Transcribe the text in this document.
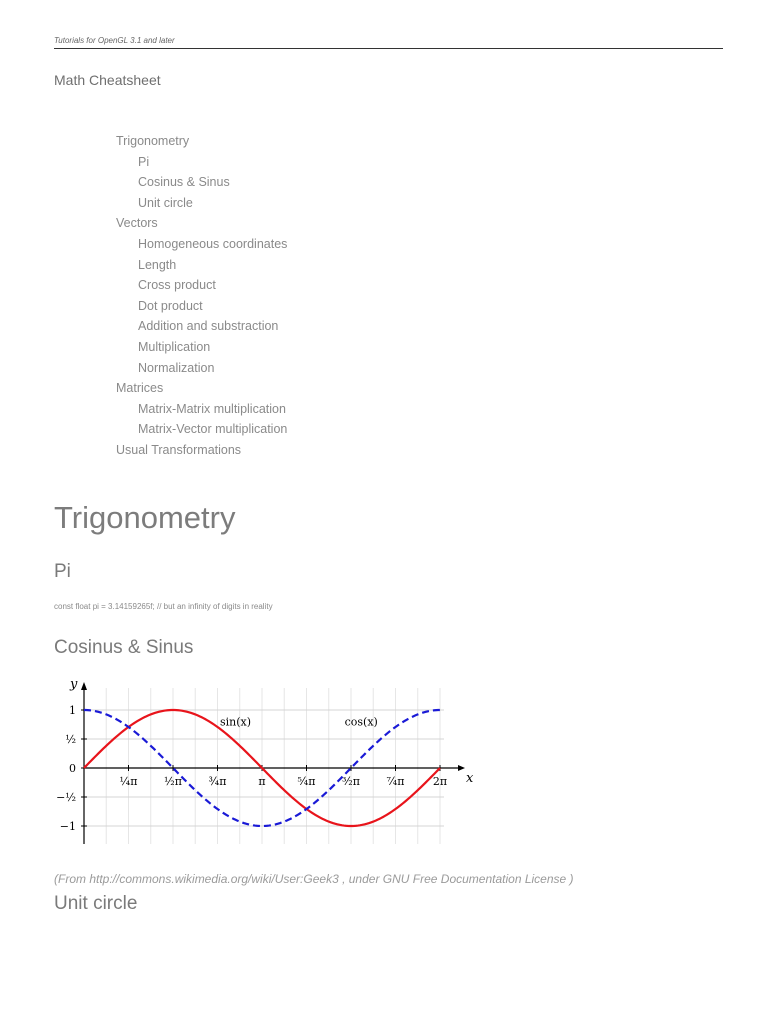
Tutorials for OpenGL 3.1 and later
Math Cheatsheet
Trigonometry
Pi
Cosinus & Sinus
Unit circle
Vectors
Homogeneous coordinates
Length
Cross product
Dot product
Addition and substraction
Multiplication
Normalization
Matrices
Matrix-Matrix multiplication
Matrix-Vector multiplication
Usual Transformations
Trigonometry
Pi
const float pi = 3.14159265f; // but an infinity of digits in reality
Cosinus & Sinus
x
y
1
½
0
−½
−1
¼π ½π ¾π	π	⁵⁄₄π ³⁄₂π ⁷⁄₄π	2π
sin(x)	cos(x)
(From http://commons.wikimedia.org/wiki/User:Geek3 , under GNU Free Documentation License )
Unit circle
